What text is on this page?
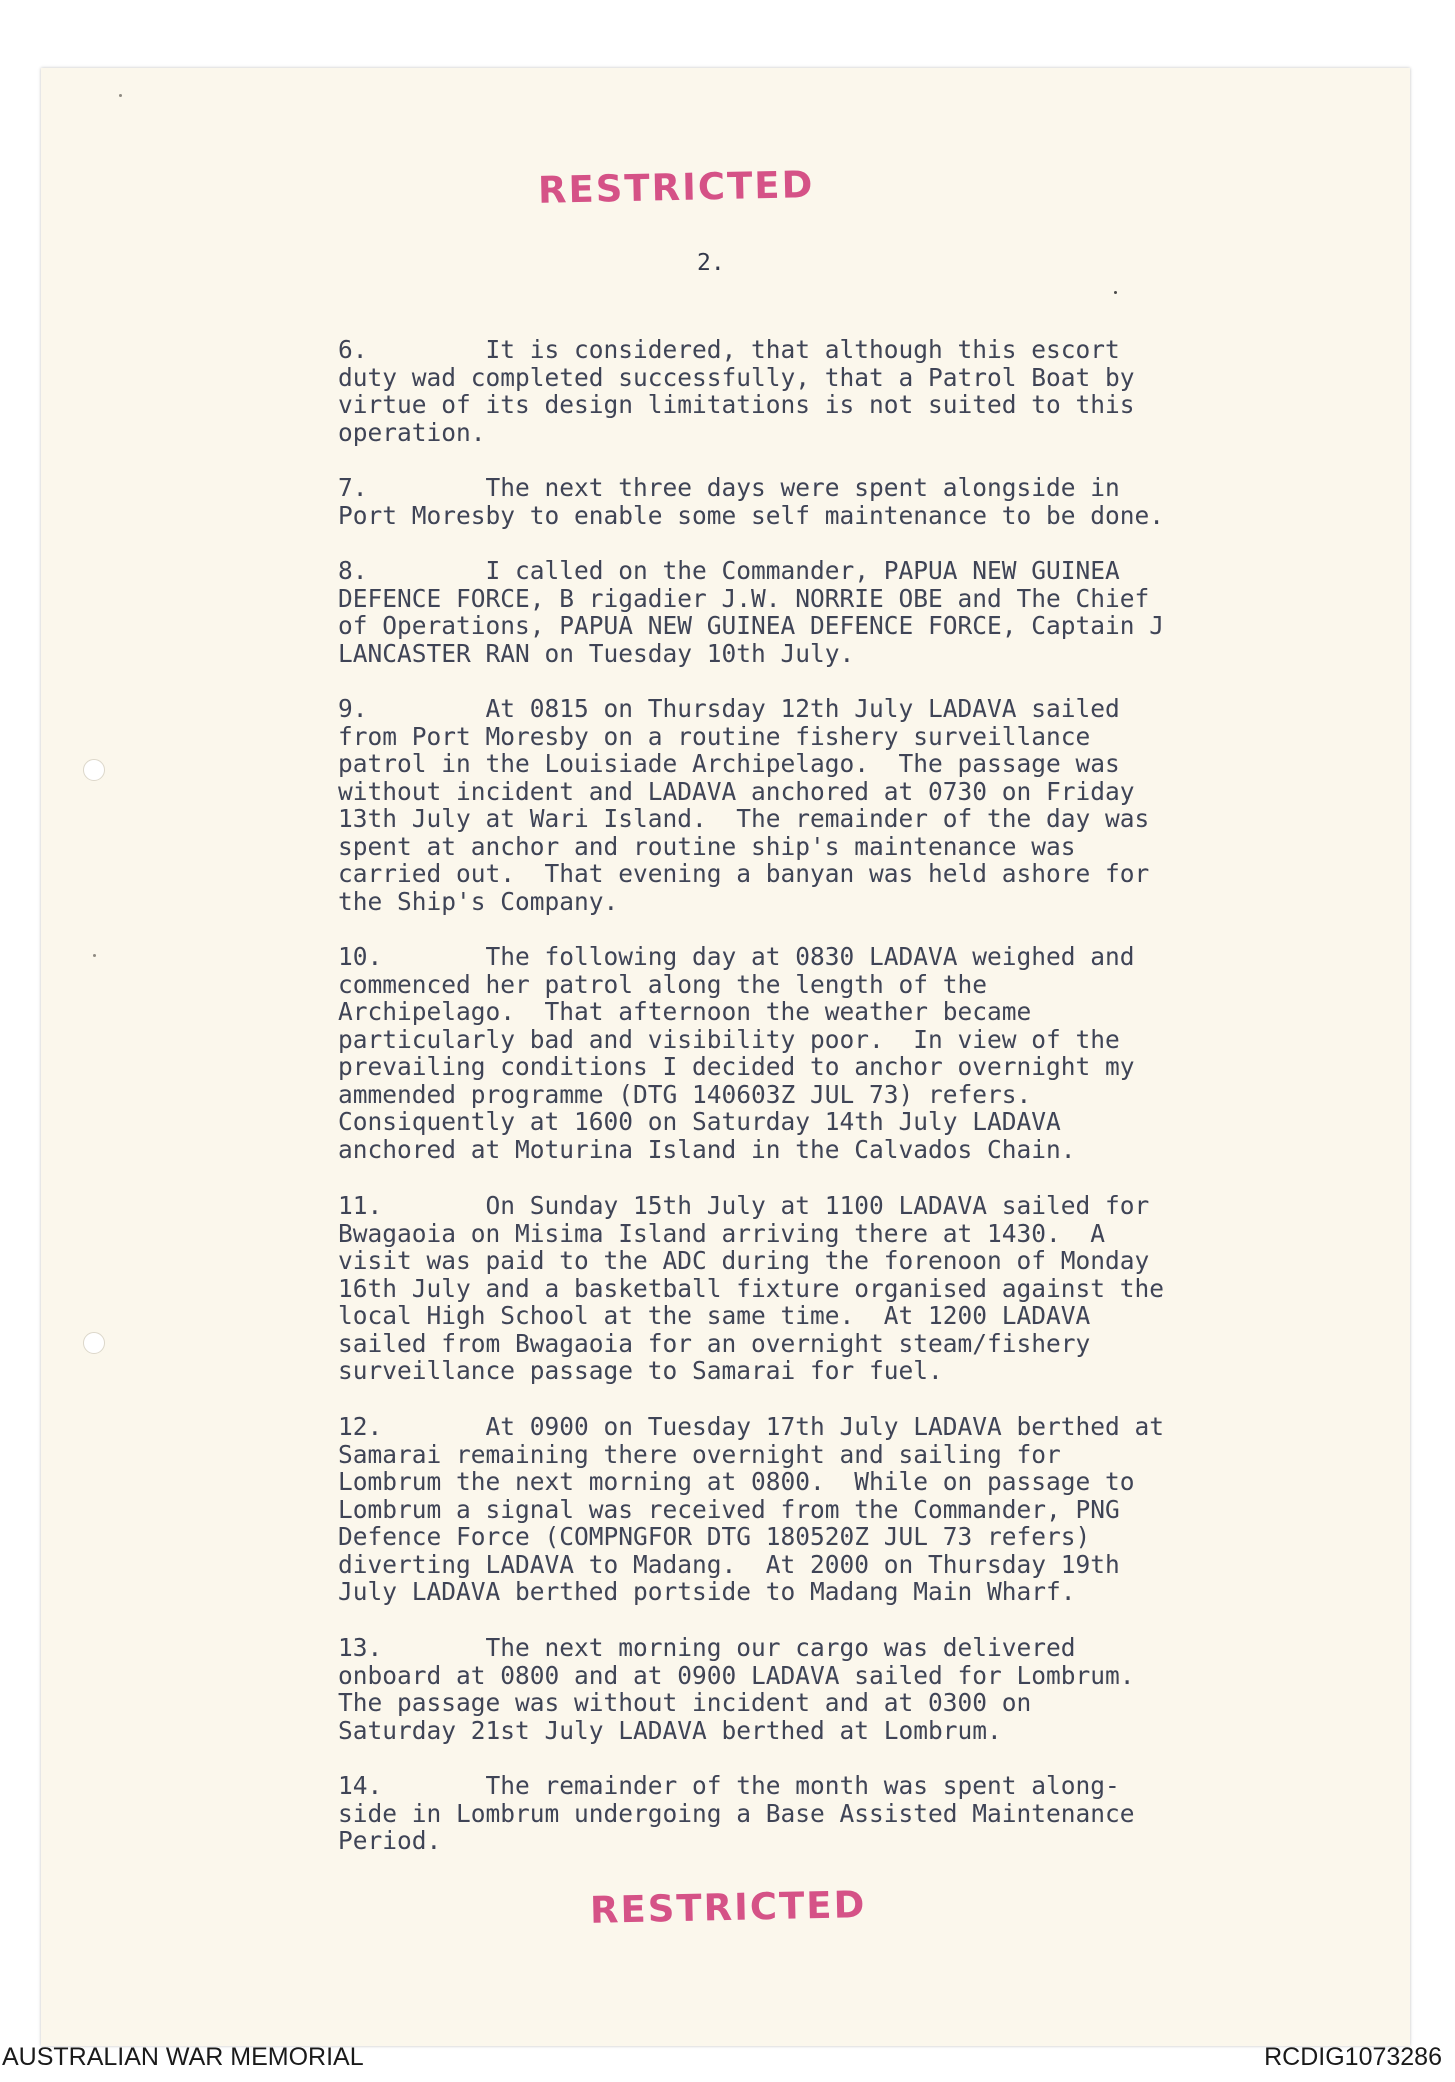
RESTRICTED
2.

6.        It is considered, that although this escort
duty wad completed successfully, that a Patrol Boat by
virtue of its design limitations is not suited to this
operation.

7.        The next three days were spent alongside in
Port Moresby to enable some self maintenance to be done.

8.        I called on the Commander, PAPUA NEW GUINEA
DEFENCE FORCE, B rigadier J.W. NORRIE OBE and The Chief
of Operations, PAPUA NEW GUINEA DEFENCE FORCE, Captain J
LANCASTER RAN on Tuesday 10th July.

9.        At 0815 on Thursday 12th July LADAVA sailed
from Port Moresby on a routine fishery surveillance
patrol in the Louisiade Archipelago.  The passage was
without incident and LADAVA anchored at 0730 on Friday
13th July at Wari Island.  The remainder of the day was
spent at anchor and routine ship's maintenance was
carried out.  That evening a banyan was held ashore for
the Ship's Company.

10.       The following day at 0830 LADAVA weighed and
commenced her patrol along the length of the
Archipelago.  That afternoon the weather became
particularly bad and visibility poor.  In view of the
prevailing conditions I decided to anchor overnight my
ammended programme (DTG 140603Z JUL 73) refers.
Consiquently at 1600 on Saturday 14th July LADAVA
anchored at Moturina Island in the Calvados Chain.

11.       On Sunday 15th July at 1100 LADAVA sailed for
Bwagaoia on Misima Island arriving there at 1430.  A
visit was paid to the ADC during the forenoon of Monday
16th July and a basketball fixture organised against the
local High School at the same time.  At 1200 LADAVA
sailed from Bwagaoia for an overnight steam/fishery
surveillance passage to Samarai for fuel.

12.       At 0900 on Tuesday 17th July LADAVA berthed at
Samarai remaining there overnight and sailing for
Lombrum the next morning at 0800.  While on passage to
Lombrum a signal was received from the Commander, PNG
Defence Force (COMPNGFOR DTG 180520Z JUL 73 refers)
diverting LADAVA to Madang.  At 2000 on Thursday 19th
July LADAVA berthed portside to Madang Main Wharf.

13.       The next morning our cargo was delivered
onboard at 0800 and at 0900 LADAVA sailed for Lombrum.
The passage was without incident and at 0300 on
Saturday 21st July LADAVA berthed at Lombrum.

14.       The remainder of the month was spent along-
side in Lombrum undergoing a Base Assisted Maintenance
Period.

RESTRICTED
AUSTRALIAN WAR MEMORIAL	RCDIG1073286
